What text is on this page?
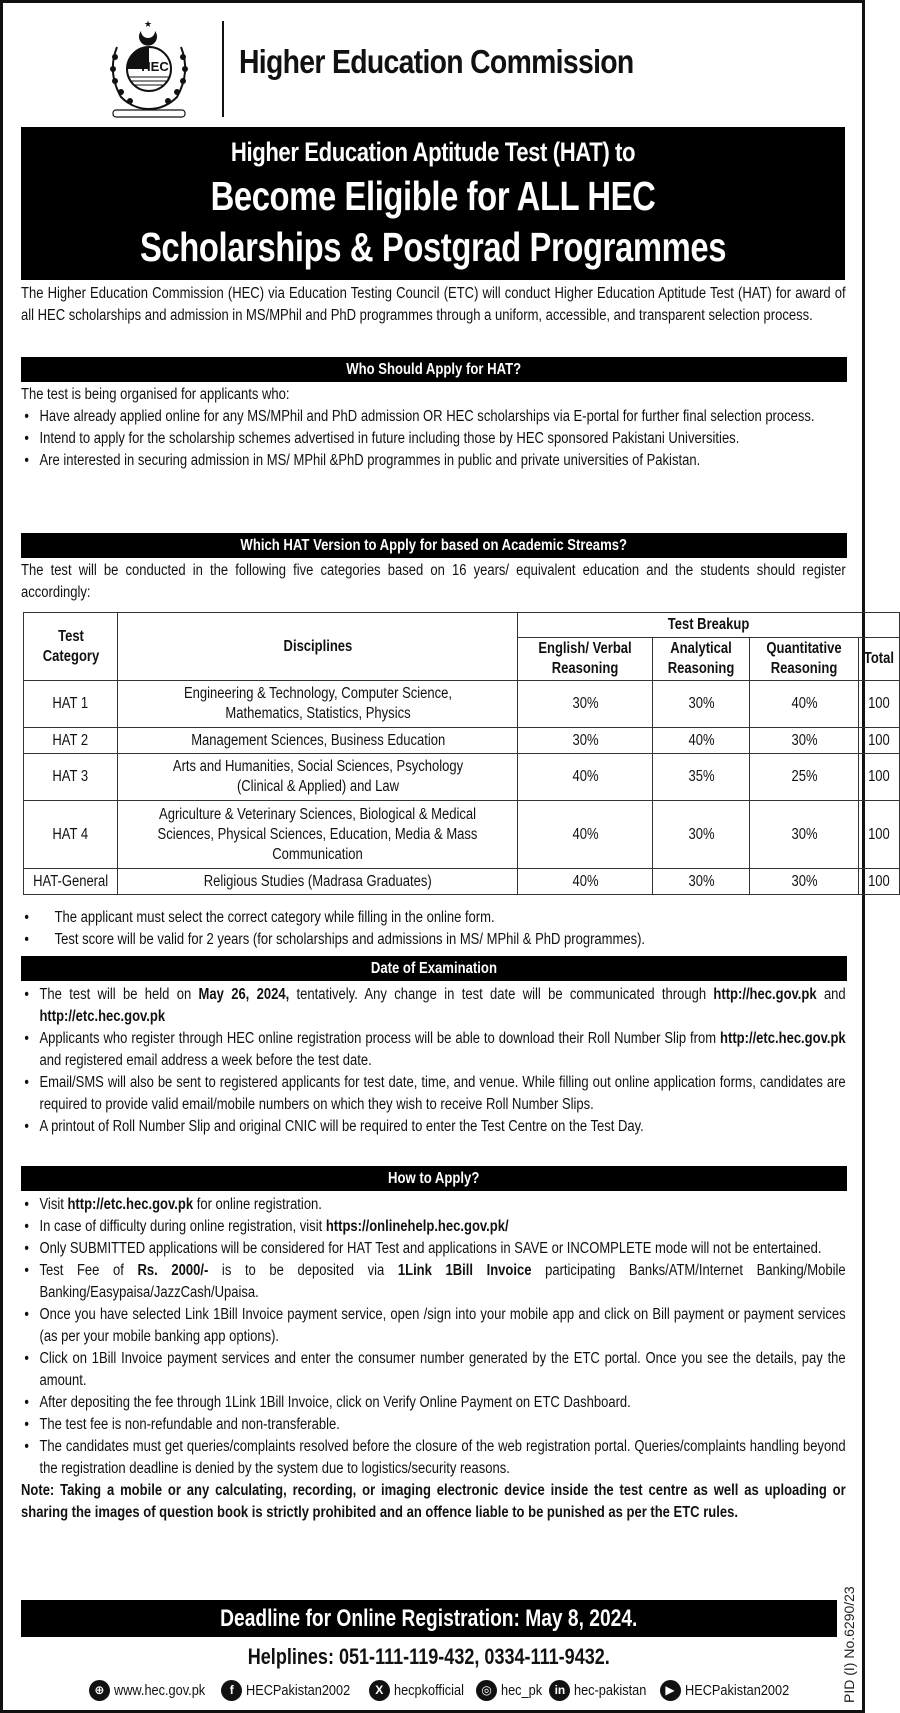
★
HEC Higher Education Commission
Higher Education Aptitude Test (HAT) to
Become Eligible for ALL HEC
Scholarships & Postgrad Programmes
The Higher Education Commission (HEC) via Education Testing Council (ETC) will conduct Higher Education Aptitude Test (HAT) for award of all HEC scholarships and admission in MS/MPhil and PhD programmes through a uniform, accessible, and transparent selection process.
Who Should Apply for HAT?
The test is being organised for applicants who:
• Have already applied online for any MS/MPhil and PhD admission OR HEC scholarships via E-portal for further final selection process.
• Intend to apply for the scholarship schemes advertised in future including those by HEC sponsored Pakistani Universities.
• Are interested in securing admission in MS/ MPhil &PhD programmes in public and private universities of Pakistan.
Which HAT Version to Apply for based on Academic Streams?
The test will be conducted in the following five categories based on 16 years/ equivalent education and the students should register accordingly:
Test Category	Disciplines	Test Breakup			
		English/ Verbal Reasoning	Analytical Reasoning	Quantitative Reasoning	Total
HAT 1	Engineering & Technology, Computer Science, Mathematics, Statistics, Physics	30%	30%	40%	100
HAT 2	Management Sciences, Business Education	30%	40%	30%	100
HAT 3	Arts and Humanities, Social Sciences, Psychology (Clinical & Applied) and Law	40%	35%	25%	100
HAT 4	Agriculture & Veterinary Sciences, Biological & Medical Sciences, Physical Sciences, Education, Media & Mass Communication	40%	30%	30%	100
HAT-General	Religious Studies (Madrasa Graduates)	40%	30%	30%	100
• The applicant must select the correct category while filling in the online form.
• Test score will be valid for 2 years (for scholarships and admissions in MS/ MPhil & PhD programmes).
Date of Examination
• The test will be held on May 26, 2024, tentatively. Any change in test date will be communicated through http://hec.gov.pk and http://etc.hec.gov.pk
• Applicants who register through HEC online registration process will be able to download their Roll Number Slip from http://etc.hec.gov.pk and registered email address a week before the test date.
• Email/SMS will also be sent to registered applicants for test date, time, and venue. While filling out online application forms, candidates are required to provide valid email/mobile numbers on which they wish to receive Roll Number Slips.
• A printout of Roll Number Slip and original CNIC will be required to enter the Test Centre on the Test Day.
How to Apply?
• Visit http://etc.hec.gov.pk for online registration.
• In case of difficulty during online registration, visit https://onlinehelp.hec.gov.pk/
• Only SUBMITTED applications will be considered for HAT Test and applications in SAVE or INCOMPLETE mode will not be entertained.
• Test Fee of Rs. 2000/- is to be deposited via 1Link 1Bill Invoice participating Banks/ATM/Internet Banking/Mobile Banking/Easypaisa/JazzCash/Upaisa.
• Once you have selected Link 1Bill Invoice payment service, open /sign into your mobile app and click on Bill payment or payment services (as per your mobile banking app options).
• Click on 1Bill Invoice payment services and enter the consumer number generated by the ETC portal. Once you see the details, pay the amount.
• After depositing the fee through 1Link 1Bill Invoice, click on Verify Online Payment on ETC Dashboard.
• The test fee is non-refundable and non-transferable.
• The candidates must get queries/complaints resolved before the closure of the web registration portal. Queries/complaints handling beyond the registration deadline is denied by the system due to logistics/security reasons.
Note: Taking a mobile or any calculating, recording, or imaging electronic device inside the test centre as well as uploading or sharing the images of question book is strictly prohibited and an offence liable to be punished as per the ETC rules.
Deadline for Online Registration: May 8, 2024.
Helplines: 051-111-119-432, 0334-111-9432.
⊕ www.hec.gov.pk	f HECPakistan2002	X hecpkofficial	◎ hec_pk	in hec-pakistan	▶ HECPakistan2002	PID (I) No.6290/23
